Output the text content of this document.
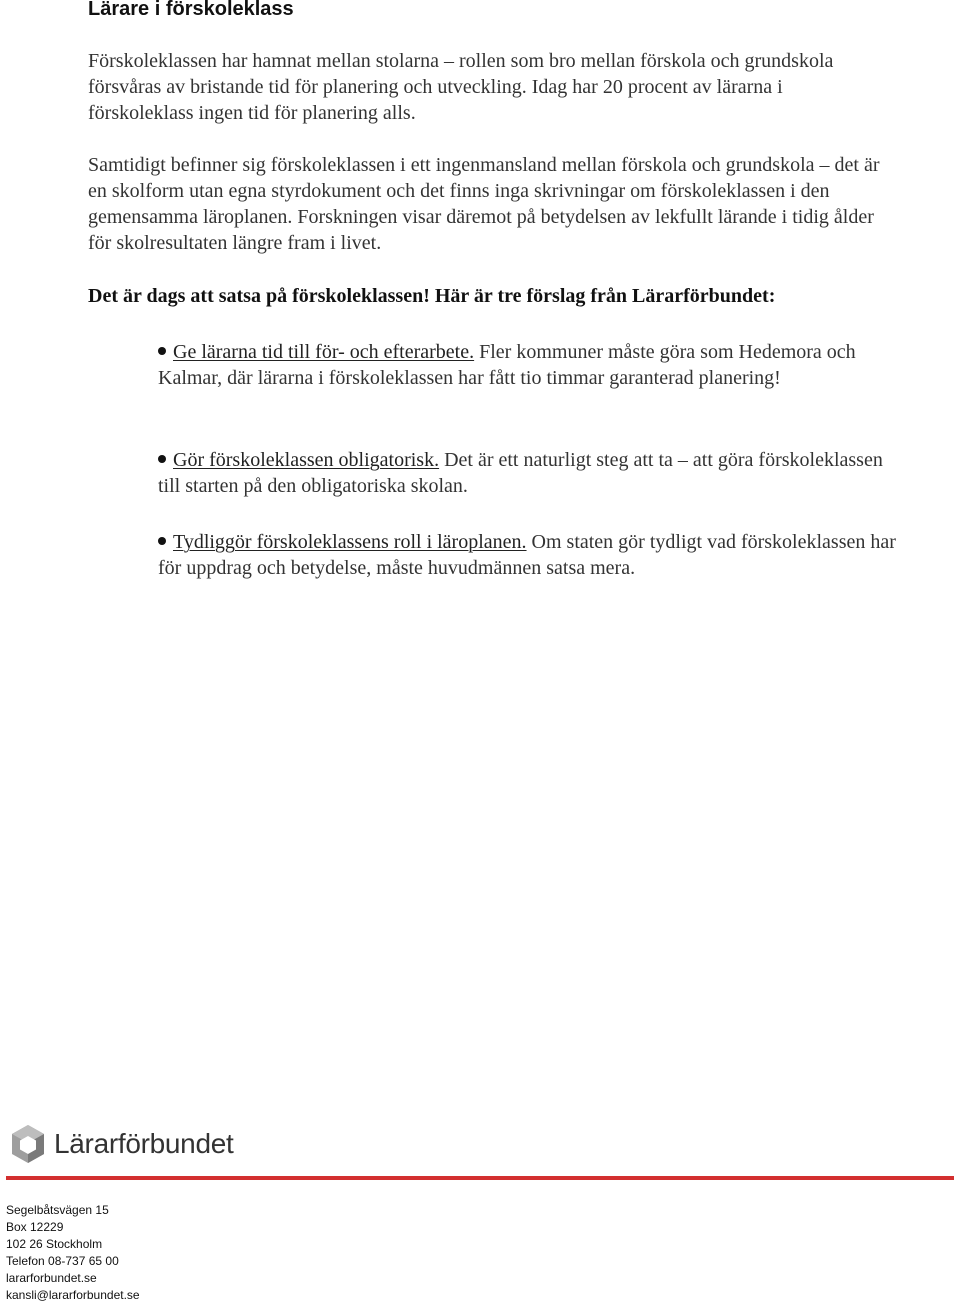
Lärare i förskoleklass

Förskoleklassen har hamnat mellan stolarna – rollen som bro mellan förskola och grundskola försvåras av bristande tid för planering och utveckling. Idag har 20 procent av lärarna i förskoleklass ingen tid för planering alls.

Samtidigt befinner sig förskoleklassen i ett ingenmansland mellan förskola och grundskola – det är en skolform utan egna styrdokument och det finns inga skrivningar om förskoleklassen i den gemensamma läroplanen. Forskningen visar däremot på betydelsen av lekfullt lärande i tidig ålder för skolresultaten längre fram i livet.

Det är dags att satsa på förskoleklassen! Här är tre förslag från Lärarförbundet:

Ge lärarna tid till för- och efterarbete. Fler kommuner måste göra som Hedemora och Kalmar, där lärarna i förskoleklassen har fått tio timmar garanterad planering!
Gör förskoleklassen obligatorisk. Det är ett naturligt steg att ta – att göra förskoleklassen till starten på den obligatoriska skolan.
Tydliggör förskoleklassens roll i läroplanen. Om staten gör tydligt vad förskoleklassen har för uppdrag och betydelse, måste huvudmännen satsa mera.
Lärarförbundet
Segelbåtsvägen 15
Box 12229
102 26 Stockholm
Telefon 08-737 65 00
lararforbundet.se
kansli@lararforbundet.se
